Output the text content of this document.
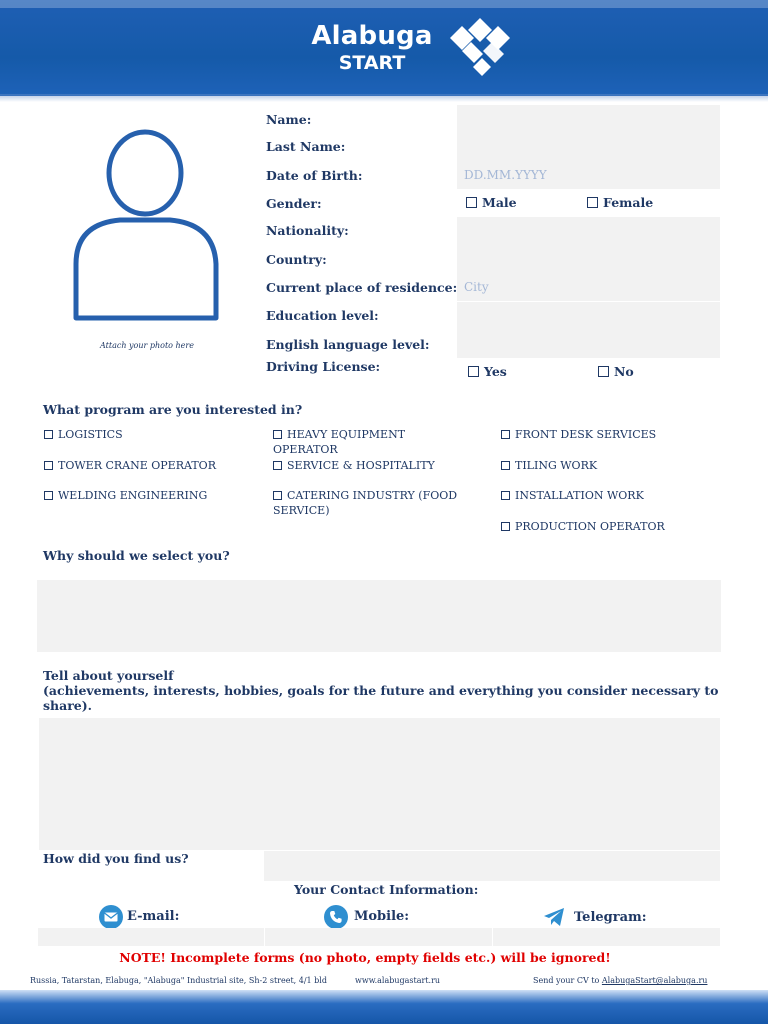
Alabuga
START
Attach your photo here
Name:
Last Name:
Date of Birth:	DD.MM.YYYY
Gender:	Male	Female
Nationality:
Country:
Current place of residence: City
Education level:
English language level:
Driving License:	Yes	No
What program are you interested in?
LOGISTICS
TOWER CRANE OPERATOR
WELDING ENGINEERING
HEAVY EQUIPMENT OPERATOR
SERVICE & HOSPITALITY
CATERING INDUSTRY (FOOD SERVICE)
FRONT DESK SERVICES
TILING WORK
INSTALLATION WORK
PRODUCTION OPERATOR
Why should we select you?
Tell about yourself
(achievements, interests, hobbies, goals for the future and everything you consider necessary to share).
How did you find us?
Your Contact Information:
E-mail:	Mobile:	Telegram:
NOTE! Incomplete forms (no photo, empty fields etc.) will be ignored!
Russia, Tatarstan, Elabuga, "Alabuga" Industrial site, Sh-2 street, 4/1 bld	www.alabugastart.ru	Send your CV to AlabugaStart@alabuga.ru
